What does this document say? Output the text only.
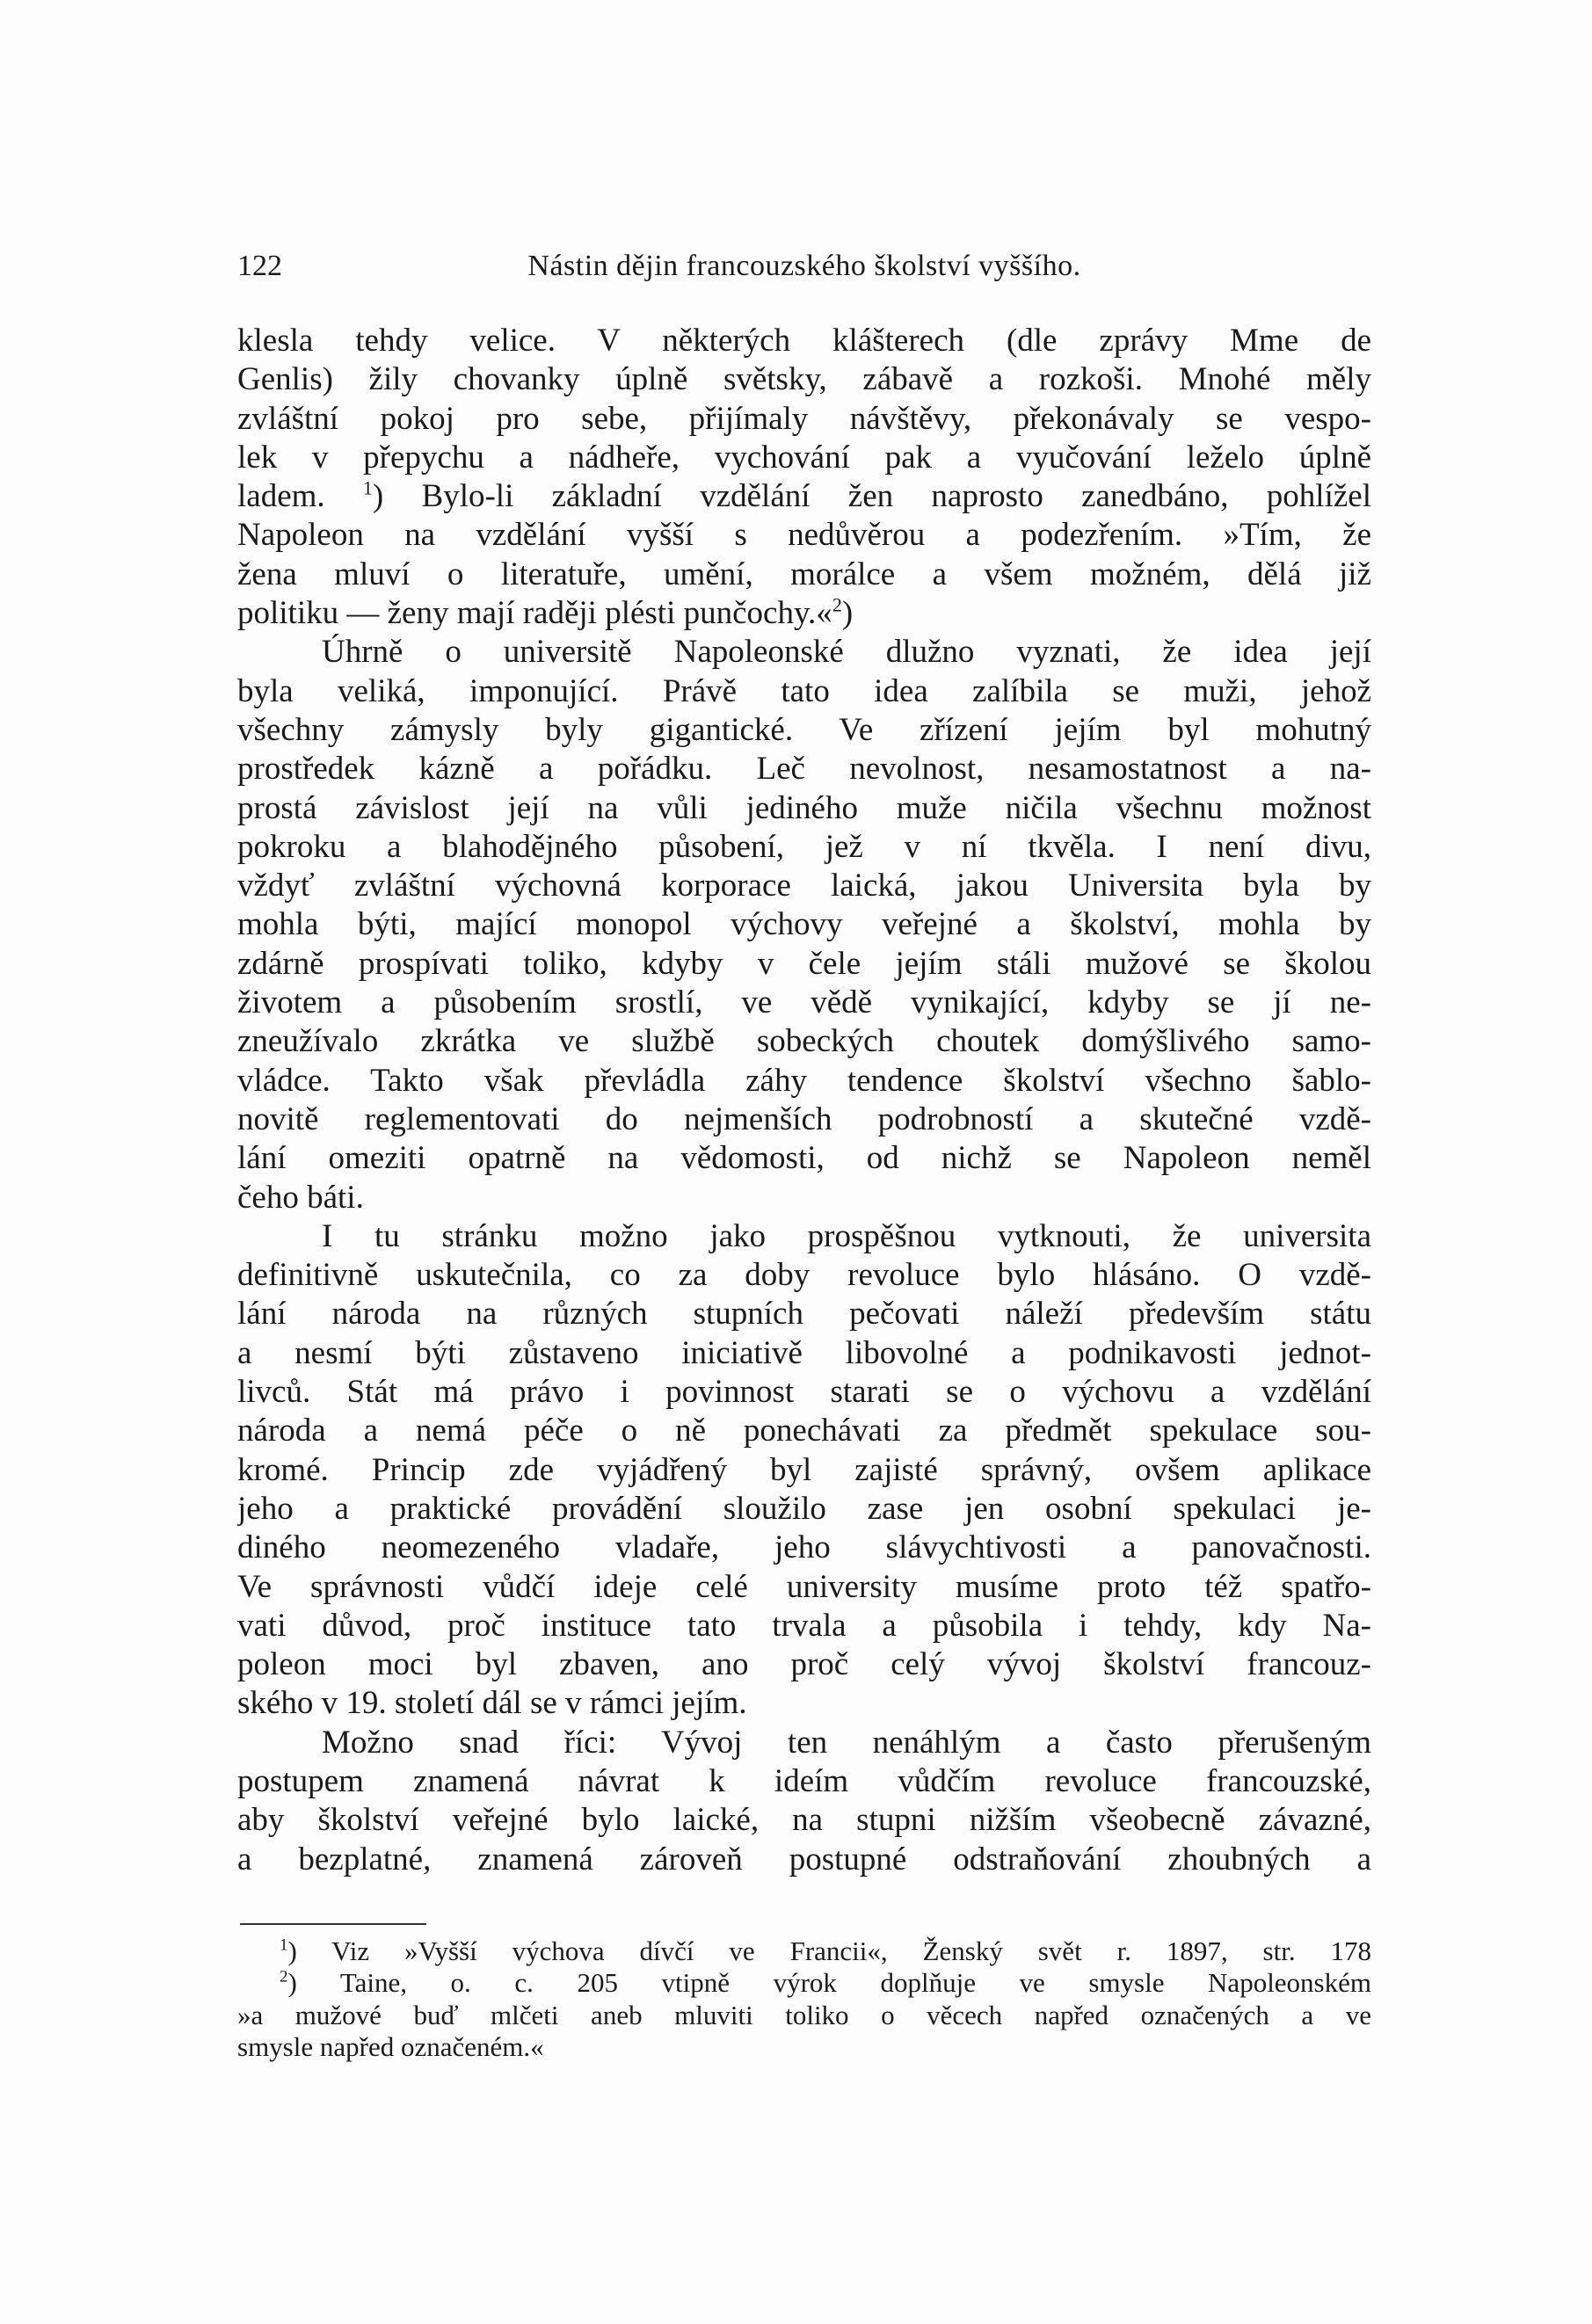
122	Nástin dějin francouzského školství vyššího.
klesla tehdy velice. V některých klášterech (dle zprávy Mme de
Genlis) žily chovanky úplně světsky, zábavě a rozkoši. Mnohé měly
zvláštní pokoj pro sebe, přijímaly návštěvy, překonávaly se vespo-
lek v přepychu a nádheře, vychování pak a vyučování leželo úplně
ladem. $^1$) Bylo-li základní vzdělání žen naprosto zanedbáno, pohlížel
Napoleon na vzdělání vyšší s nedůvěrou a podezřením. »Tím, že
žena mluví o literatuře, umění, morálce a všem možném, dělá již
politiku — ženy mají raději plésti punčochy.«$^2$)
Úhrně o universitě Napoleonské dlužno vyznati, že idea její
byla veliká, imponující. Právě tato idea zalíbila se muži, jehož
všechny zámysly byly gigantické. Ve zřízení jejím byl mohutný
prostředek kázně a pořádku. Leč nevolnost, nesamostatnost a na-
prostá závislost její na vůli jediného muže ničila všechnu možnost
pokroku a blahodějného působení, jež v ní tkvěla. I není divu,
vždyť zvláštní výchovná korporace laická, jakou Universita byla by
mohla býti, mající monopol výchovy veřejné a školství, mohla by
zdárně prospívati toliko, kdyby v čele jejím stáli mužové se školou
životem a působením srostlí, ve vědě vynikající, kdyby se jí ne-
zneužívalo zkrátka ve službě sobeckých choutek domýšlivého samo-
vládce. Takto však převládla záhy tendence školství všechno šablo-
novitě reglementovati do nejmenších podrobností a skutečné vzdě-
lání omeziti opatrně na vědomosti, od nichž se Napoleon neměl
čeho báti.
I tu stránku možno jako prospěšnou vytknouti, že universita
definitivně uskutečnila, co za doby revoluce bylo hlásáno. O vzdě-
lání národa na různých stupních pečovati náleží především státu
a nesmí býti zůstaveno iniciativě libovolné a podnikavosti jednot-
livců. Stát má právo i povinnost starati se o výchovu a vzdělání
národa a nemá péče o ně ponechávati za předmět spekulace sou-
kromé. Princip zde vyjádřený byl zajisté správný, ovšem aplikace
jeho a praktické provádění sloužilo zase jen osobní spekulaci je-
diného neomezeného vladaře, jeho slávychtivosti a panovačnosti.
Ve správnosti vůdčí ideje celé university musíme proto též spatřo-
vati důvod, proč instituce tato trvala a působila i tehdy, kdy Na-
poleon moci byl zbaven, ano proč celý vývoj školství francouz-
ského v 19. století dál se v rámci jejím.
Možno snad říci: Vývoj ten nenáhlým a často přerušeným
postupem znamená návrat k ideím vůdčím revoluce francouzské,
aby školství veřejné bylo laické, na stupni nižším všeobecně závazné,
a bezplatné, znamená zároveň postupné odstraňování zhoubných a
$^1$) Viz »Vyšší výchova dívčí ve Francii«, Ženský svět r. 1897, str. 178
$^2$) Taine, o. c. 205 vtipně výrok doplňuje ve smysle Napoleonském
»a mužové buď mlčeti aneb mluviti toliko o věcech napřed označených a ve
smysle napřed označeném.«
